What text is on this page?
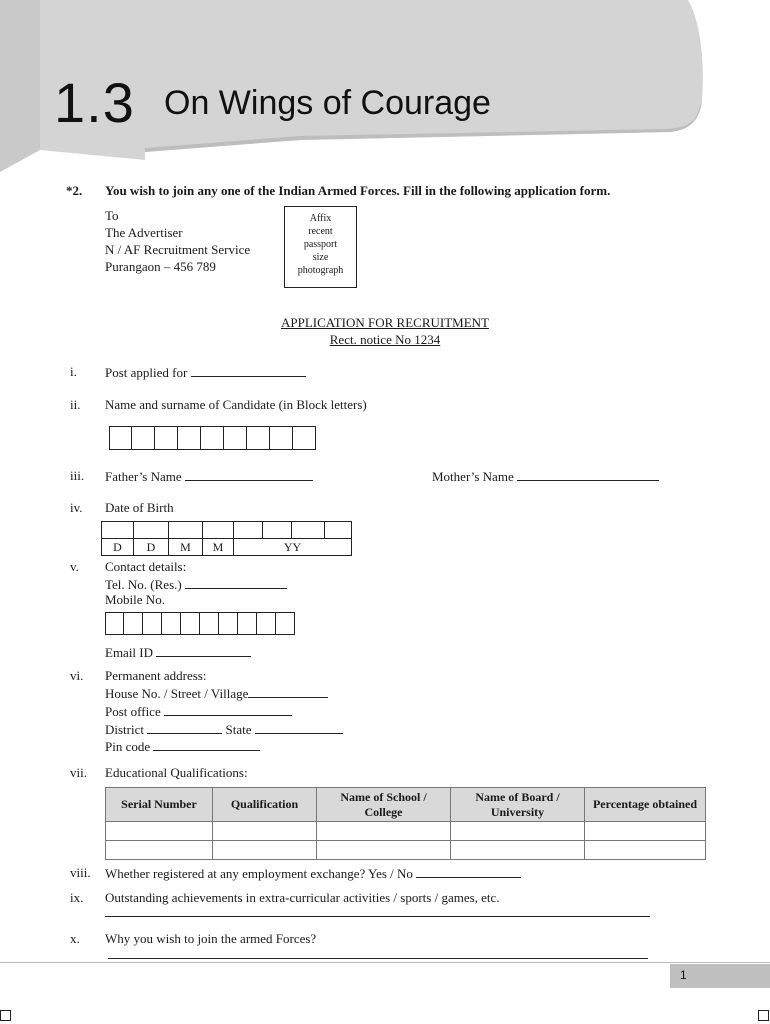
1.3 On Wings of Courage
*2. You wish to join any one of the Indian Armed Forces. Fill in the following application form.
To
The Advertiser
N / AF Recruitment Service
Purangaon – 456 789
Affix
recent
passport
size
photograph
APPLICATION FOR RECRUITMENT
Rect. notice No 1234
i. Post applied for
ii. Name and surname of Candidate (in Block letters)
iii. Father’s Name	Mother’s Name
iv. Date of Birth

D	D	M	M	YY			
v. Contact details:
Tel. No. (Res.)
Mobile No.
Email ID
vi. Permanent address:
House No. / Street / Village
Post office
District	State
Pin code
vii. Educational Qualifications:
Serial Number	Qualification	Name of School / College	Name of Board / University	Percentage obtained

viii. Whether registered at any employment exchange? Yes / No
ix. Outstanding achievements in extra-curricular activities / sports / games, etc.
x. Why you wish to join the armed Forces?
1
